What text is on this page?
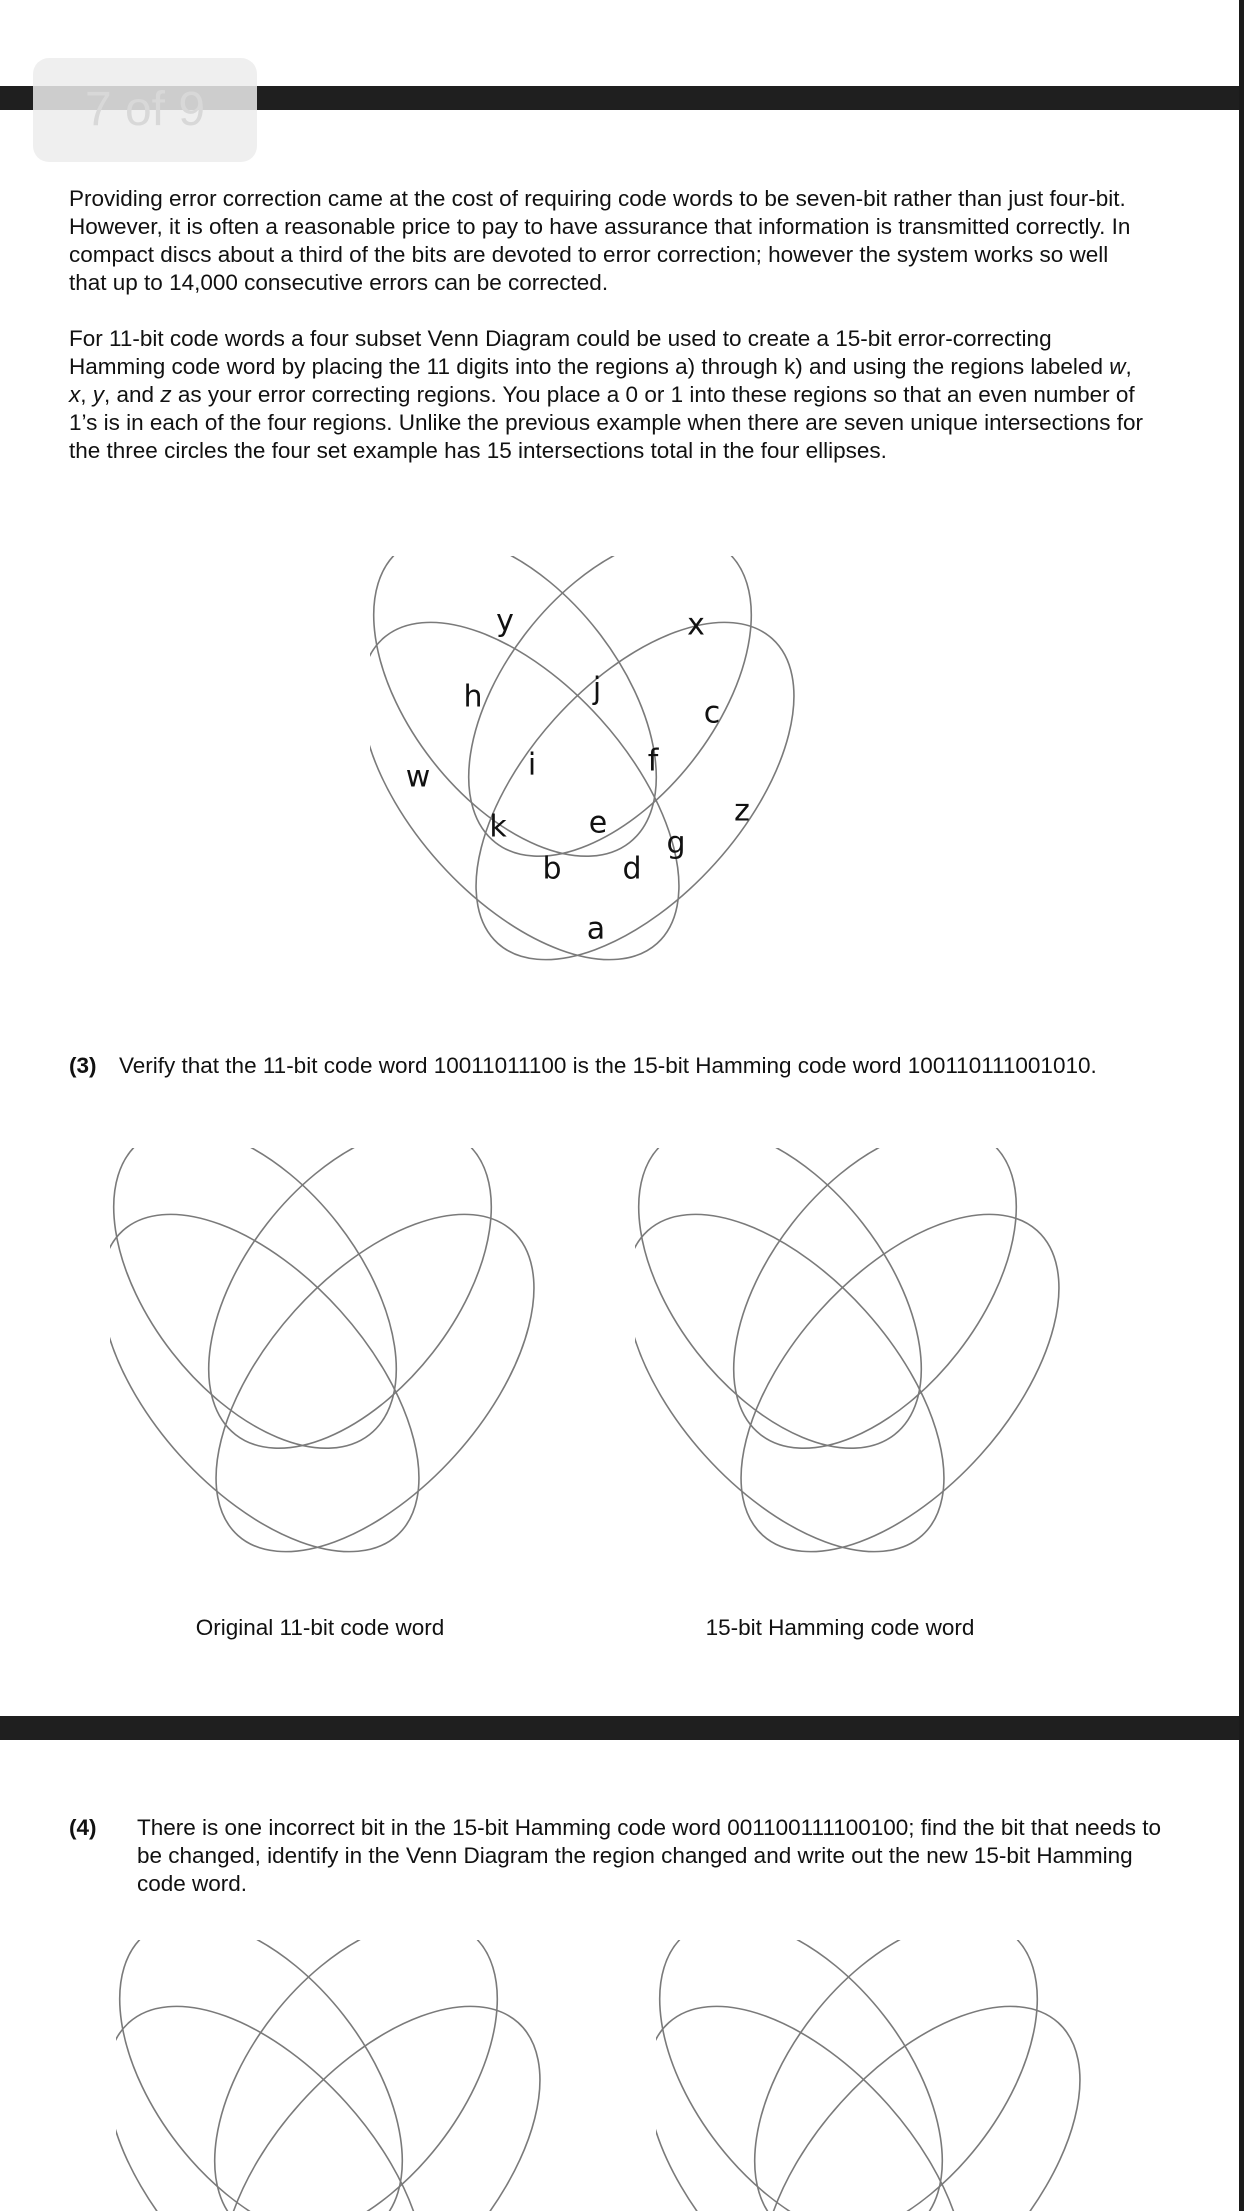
7 of 9

Providing error correction came at the cost of requiring code words to be seven-bit rather than just four-bit. However, it is often a reasonable price to pay to have assurance that information is transmitted correctly. In compact discs about a third of the bits are devoted to error correction; however the system works so well that up to 14,000 consecutive errors can be corrected.

For 11-bit code words a four subset Venn Diagram could be used to create a 15-bit error-correcting Hamming code word by placing the 11 digits into the regions a) through k) and using the regions labeled w, x, y, and z as your error correcting regions. You place a 0 or 1 into these regions so that an even number of 1’s is in each of the four regions. Unlike the previous example when there are seven unique intersections for the three circles the four set example has 15 intersections total in the four ellipses.

y	x
h	j
c
w	i	f
z
k	e
g
b d
a
(3) Verify that the 11-bit code word 10011011100 is the 15-bit Hamming code word 100110111001010.
Original 11-bit code word	15-bit Hamming code word
(4) There is one incorrect bit in the 15-bit Hamming code word 001100111100100; find the bit that needs to be changed, identify in the Venn Diagram the region changed and write out the new 15-bit Hamming code word.
